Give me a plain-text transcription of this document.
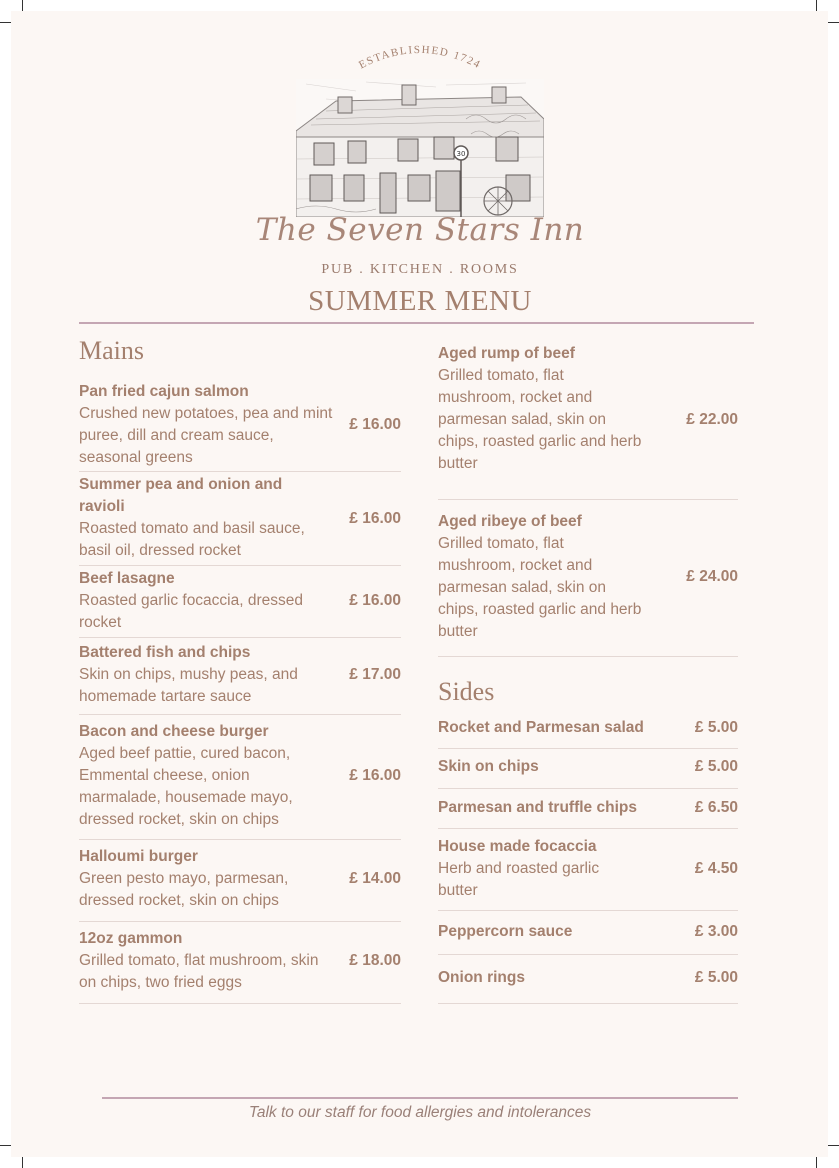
ESTABLISHED 1724
30
The Seven Stars Inn
PUB . KITCHEN . ROOMS
SUMMER MENU
Mains
Pan fried cajun salmon
Crushed new potatoes, pea and mint puree, dill and cream sauce, seasonal greens
£ 16.00
Summer pea and onion and ravioli
Roasted tomato and basil sauce, basil oil, dressed rocket
£ 16.00
Beef lasagne
Roasted garlic focaccia, dressed rocket
£ 16.00
Battered fish and chips
Skin on chips, mushy peas, and homemade tartare sauce
£ 17.00
Bacon and cheese burger
Aged beef pattie, cured bacon, Emmental cheese, onion marmalade, housemade mayo, dressed rocket, skin on chips
£ 16.00
Halloumi burger
Green pesto mayo, parmesan, dressed rocket, skin on chips
£ 14.00
12oz gammon
Grilled tomato, flat mushroom, skin on chips, two fried eggs
£ 18.00
Aged rump of beef
Grilled tomato, flat mushroom, rocket and parmesan salad, skin on chips, roasted garlic and herb butter
£ 22.00
Aged ribeye of beef
Grilled tomato, flat mushroom, rocket and parmesan salad, skin on chips, roasted garlic and herb butter
£ 24.00
Sides
Rocket and Parmesan salad	£ 5.00
Skin on chips	£ 5.00
Parmesan and truffle chips	£ 6.50
House made focaccia
Herb and roasted garlic butter
£ 4.50
Peppercorn sauce	£ 3.00
Onion rings	£ 5.00
Talk to our staff for food allergies and intolerances
